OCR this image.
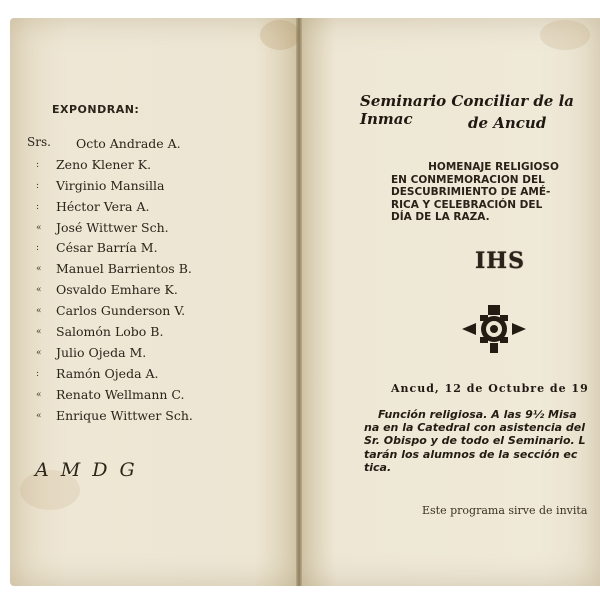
EXPONDRAN:
Srs. Octo Andrade A.
:	Zeno Klener K.
:	Virginio Mansilla
:	Héctor Vera A.
«	José Wittwer Sch.
:	César Barría M.
«	Manuel Barrientos B.
«	Osvaldo Emhare K.
«	Carlos Gunderson V.
«	Salomón Lobo B.
«	Julio Ojeda M.
:	Ramón Ojeda A.
«	Renato Wellmann C.
«	Enrique Wittwer Sch.
A M D G
Seminario Conciliar de la Inmac	de Ancud
HOMENAJE RELIGIOSO
EN CONMEMORACION DEL
DESCUBRIMIENTO DE AMÉ-
RICA Y CELEBRACIÓN DEL
DÍA DE LA RAZA.
IHS
Ancud, 12 de Octubre de 19
Función religiosa. A las 9½ Misa
na en la Catedral con asistencia del
Sr. Obispo y de todo el Seminario. L
tarán los alumnos de la sección ec
tica.
Este programa sirve de invita
